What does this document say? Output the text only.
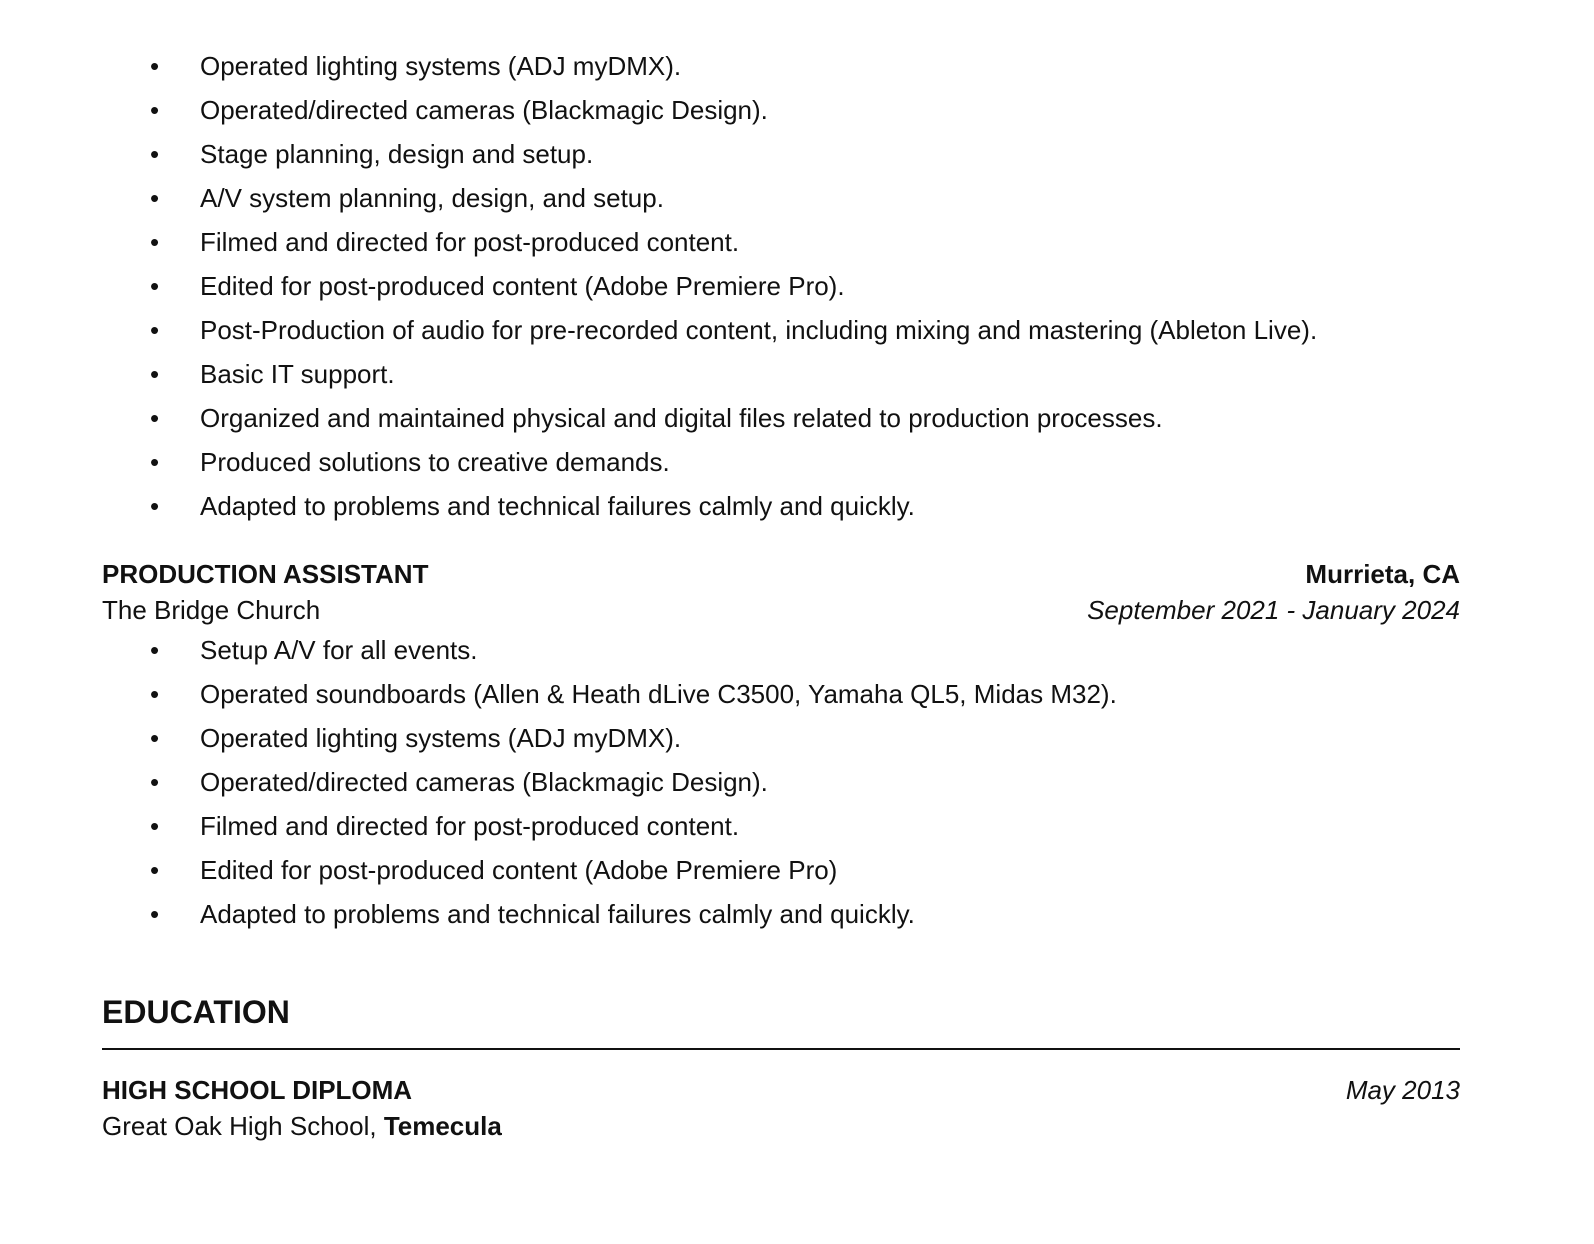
• Operated lighting systems (ADJ myDMX).
• Operated/directed cameras (Blackmagic Design).
• Stage planning, design and setup.
• A/V system planning, design, and setup.
• Filmed and directed for post-produced content.
• Edited for post-produced content (Adobe Premiere Pro).
• Post-Production of audio for pre-recorded content, including mixing and mastering (Ableton Live).
• Basic IT support.
• Organized and maintained physical and digital files related to production processes.
• Produced solutions to creative demands.
• Adapted to problems and technical failures calmly and quickly.
PRODUCTION ASSISTANT	Murrieta, CA
The Bridge Church	September 2021 - January 2024
• Setup A/V for all events.
• Operated soundboards (Allen & Heath dLive C3500, Yamaha QL5, Midas M32).
• Operated lighting systems (ADJ myDMX).
• Operated/directed cameras (Blackmagic Design).
• Filmed and directed for post-produced content.
• Edited for post-produced content (Adobe Premiere Pro)
• Adapted to problems and technical failures calmly and quickly.
EDUCATION
HIGH SCHOOL DIPLOMA	May 2013
Great Oak High School, Temecula
